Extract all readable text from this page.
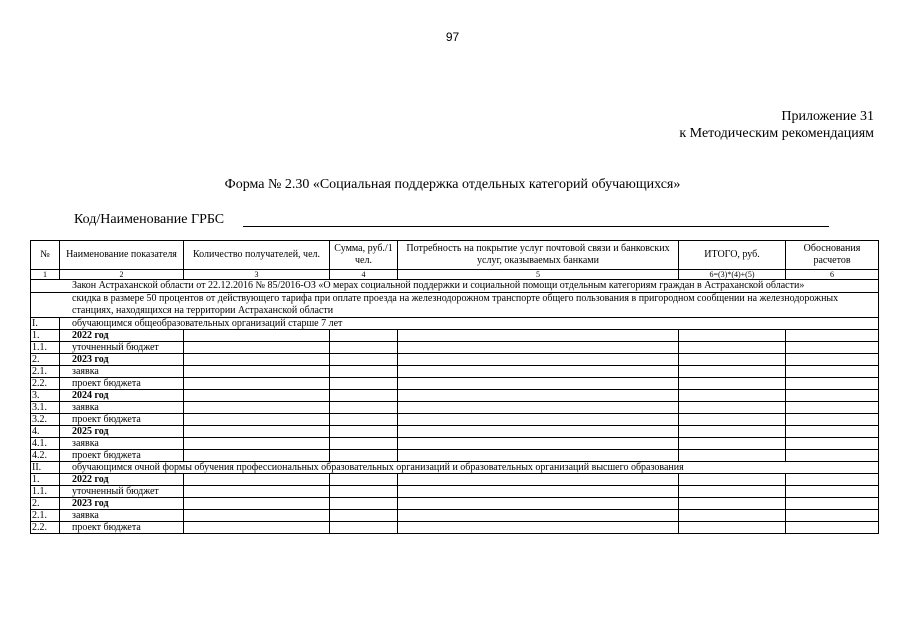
97
Приложение 31
к Методическим рекомендациям
Форма № 2.30 «Социальная поддержка отдельных категорий обучающихся»
Код/Наименование ГРБС
№	Наименование показателя	Количество получателей, чел.	Сумма, руб./1 чел.	Потребность на покрытие услуг почтовой связи и банковских услуг, оказываемых банками	ИТОГО, руб.	Обоснования расчетов
1	2	3	4	5	6=(3)*(4)+(5)	6
Закон Астраханской области от 22.12.2016 № 85/2016-ОЗ «О мерах социальной поддержки и социальной помощи отдельным категориям граждан в Астраханской области»						
скидка в размере 50 процентов от действующего тарифа при оплате проезда на железнодорожном транспорте общего пользования в пригородном сообщении на железнодорожных станциях, находящихся на территории Астраханской области						
I.	обучающимся общеобразовательных организаций старше 7 лет					
1.	2022 год					
1.1.	уточненный бюджет					
2.	2023 год					
2.1.	заявка					
2.2.	проект бюджета					
3.	2024 год					
3.1.	заявка					
3.2.	проект бюджета					
4.	2025 год					
4.1.	заявка					
4.2.	проект бюджета					
II.	обучающимся очной формы обучения профессиональных образовательных организаций и образовательных организаций высшего образования					
1.	2022 год					
1.1.	уточненный бюджет					
2.	2023 год					
2.1.	заявка					
2.2.	проект бюджета					
